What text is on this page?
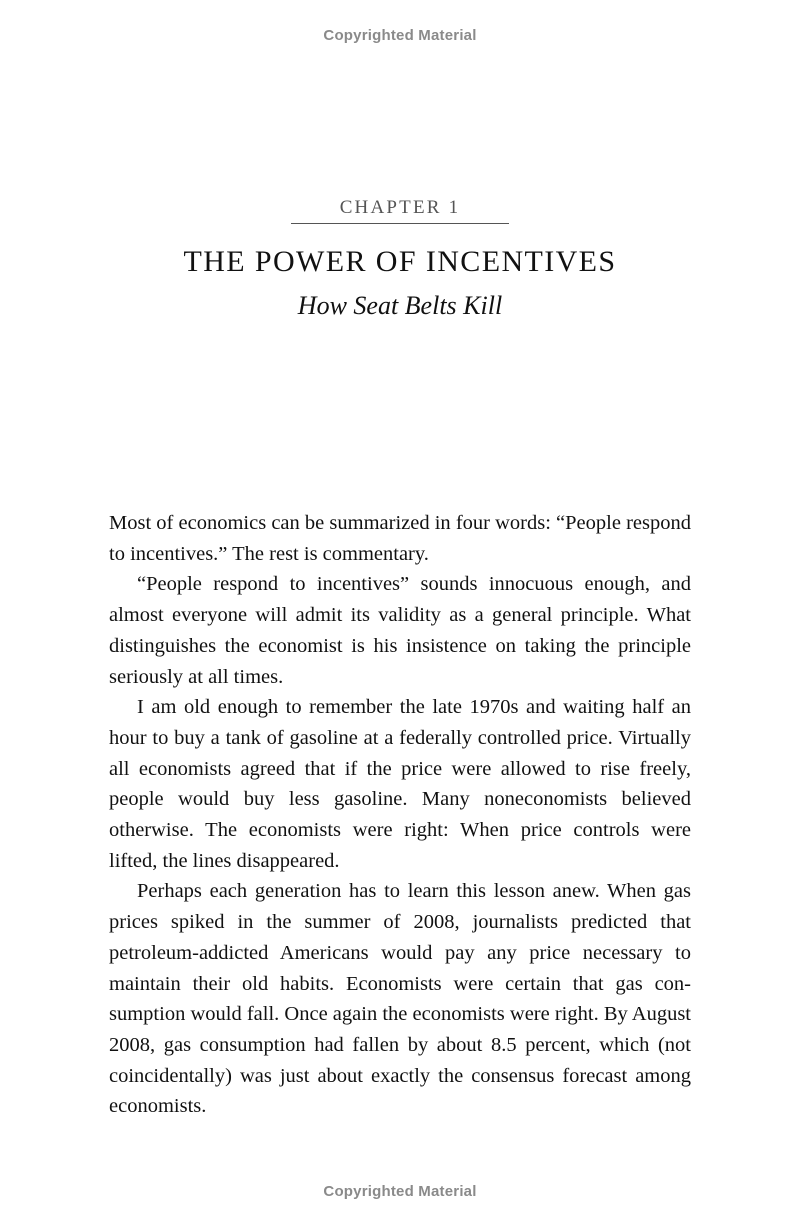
Copyrighted Material
CHAPTER 1
THE POWER OF INCENTIVES
How Seat Belts Kill

Most of economics can be summarized in four words: “People respond to incentives.” The rest is commentary.

“People respond to incentives” sounds innocuous enough, and almost everyone will admit its validity as a general principle. What distinguishes the economist is his insistence on taking the principle seriously at all times.

I am old enough to remember the late 1970s and waiting half an hour to buy a tank of gasoline at a federally controlled price. Virtually all economists agreed that if the price were allowed to rise freely, people would buy less gasoline. Many noneconomists believed otherwise. The economists were right: When price controls were lifted, the lines disappeared.

Perhaps each generation has to learn this lesson anew. When gas prices spiked in the summer of 2008, journalists predicted that petroleum-addicted Americans would pay any price necessary to maintain their old habits. Economists were certain that gas consumption would fall. Once again the economists were right. By August 2008, gas consumption had fallen by about 8.5 percent, which (not coincidentally) was just about exactly the consensus forecast among economists.

Copyrighted Material
